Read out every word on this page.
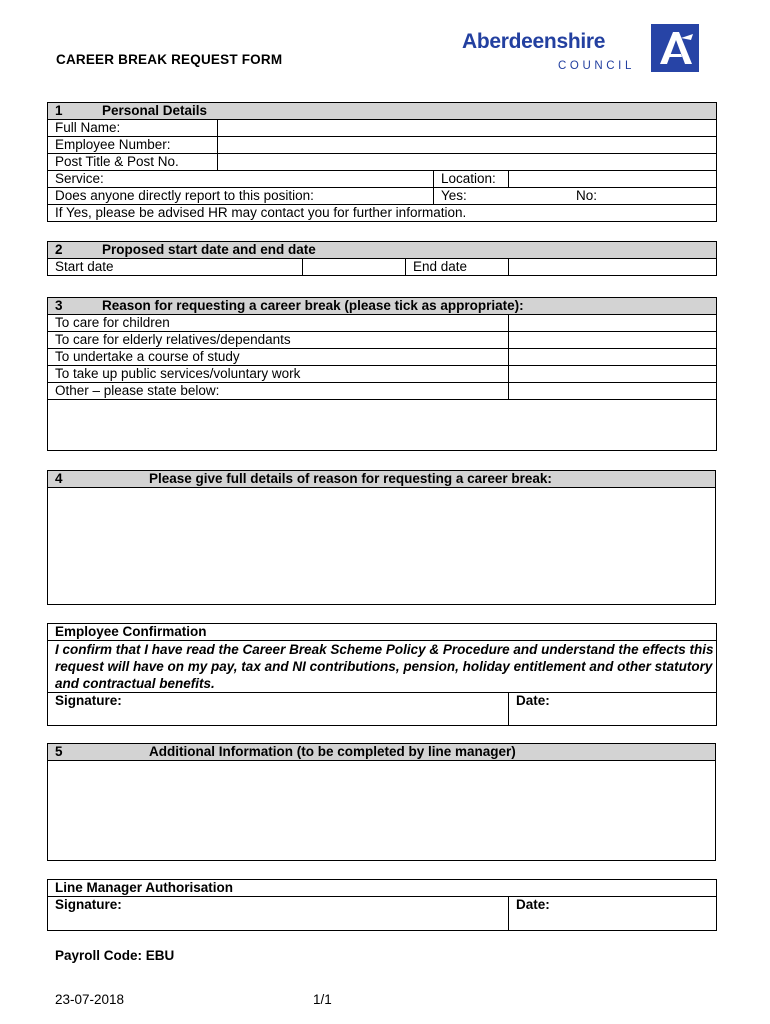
CAREER BREAK REQUEST FORM
Aberdeenshire
COUNCIL
1 Personal Details			
Full Name:			
Employee Number:			
Post Title & Post No.			
Service:		Location:	
Does anyone directly report to this position:		Yes: No:	
If Yes, please be advised HR may contact you for further information.			
2	Proposed start date and end date
Start date		End date	
3 Reason for requesting a career break (please tick as appropriate):	
To care for children	
To care for elderly relatives/dependants	
To undertake a course of study	
To take up public services/voluntary work	
Other – please state below:	

4	Please give full details of reason for requesting a career break:

Employee Confirmation
I confirm that I have read the Career Break Scheme Policy & Procedure and understand the effects this request will have on my pay, tax and NI contributions, pension, holiday entitlement and other statutory and contractual benefits.
Signature:	Date:
5	Additional Information (to be completed by line manager)

Line Manager Authorisation
Signature:	Date:
Payroll Code: EBU
23-07-2018	1/1
